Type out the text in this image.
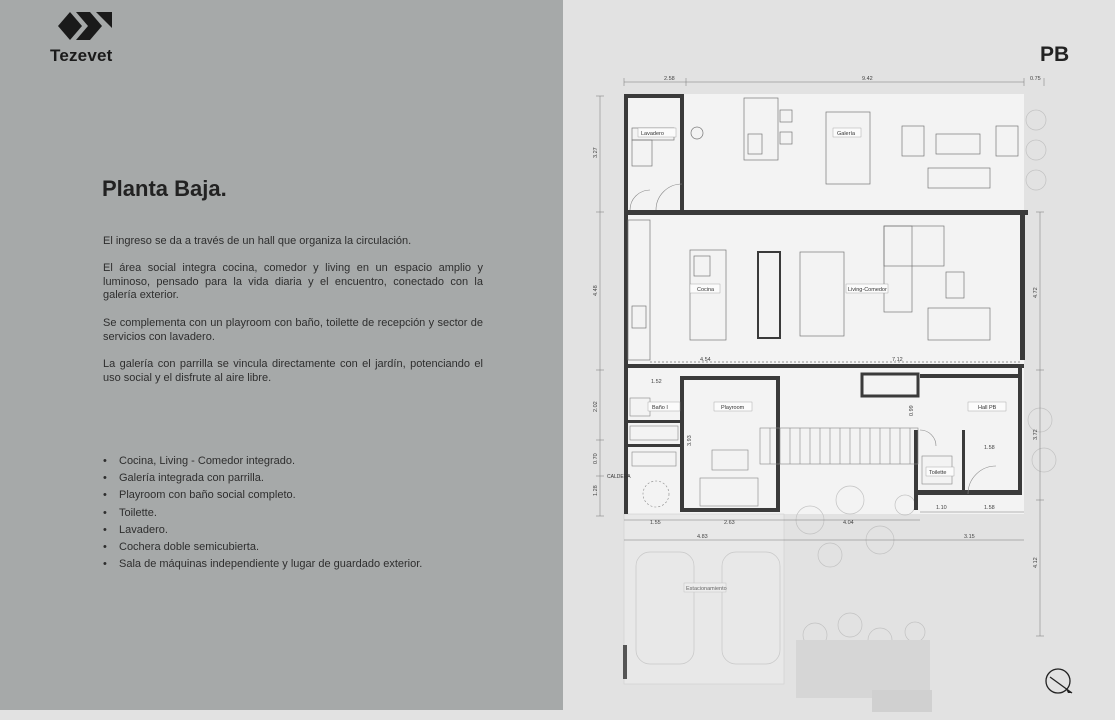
Tezevet
Planta Baja.

El ingreso se da a través de un hall que organiza la circulación.

El área social integra cocina, comedor y living en un espacio amplio y luminoso, pensado para la vida diaria y el encuentro, conectado con la galería exterior.

Se complementa con un playroom con baño, toilette de recepción y sector de servicios con lavadero.

La galería con parrilla se vincula directamente con el jardín, potenciando el uso social y el disfrute al aire libre.

• Cocina, Living - Comedor integrado.
• Galería integrada con parrilla.
• Playroom con baño social completo.
• Toilette.
• Lavadero.
• Cochera doble semicubierta.
• Sala de máquinas independiente y lugar de guardado exterior.
PB
2.58	9.42	0.75
3.27
4.48
2.02
0.70
1.28
4.72
3.72
4.12
4.54	7.12
1.52
3.93
0.99
1.55	2.63	4.04
1.10	1.58
1.58
4.83	3.15
Lavadero	Galería
Cocina	Living-Comedor
Baño I	Playroom	Hall PB
Toilette
CALDERA
Estacionamiento
